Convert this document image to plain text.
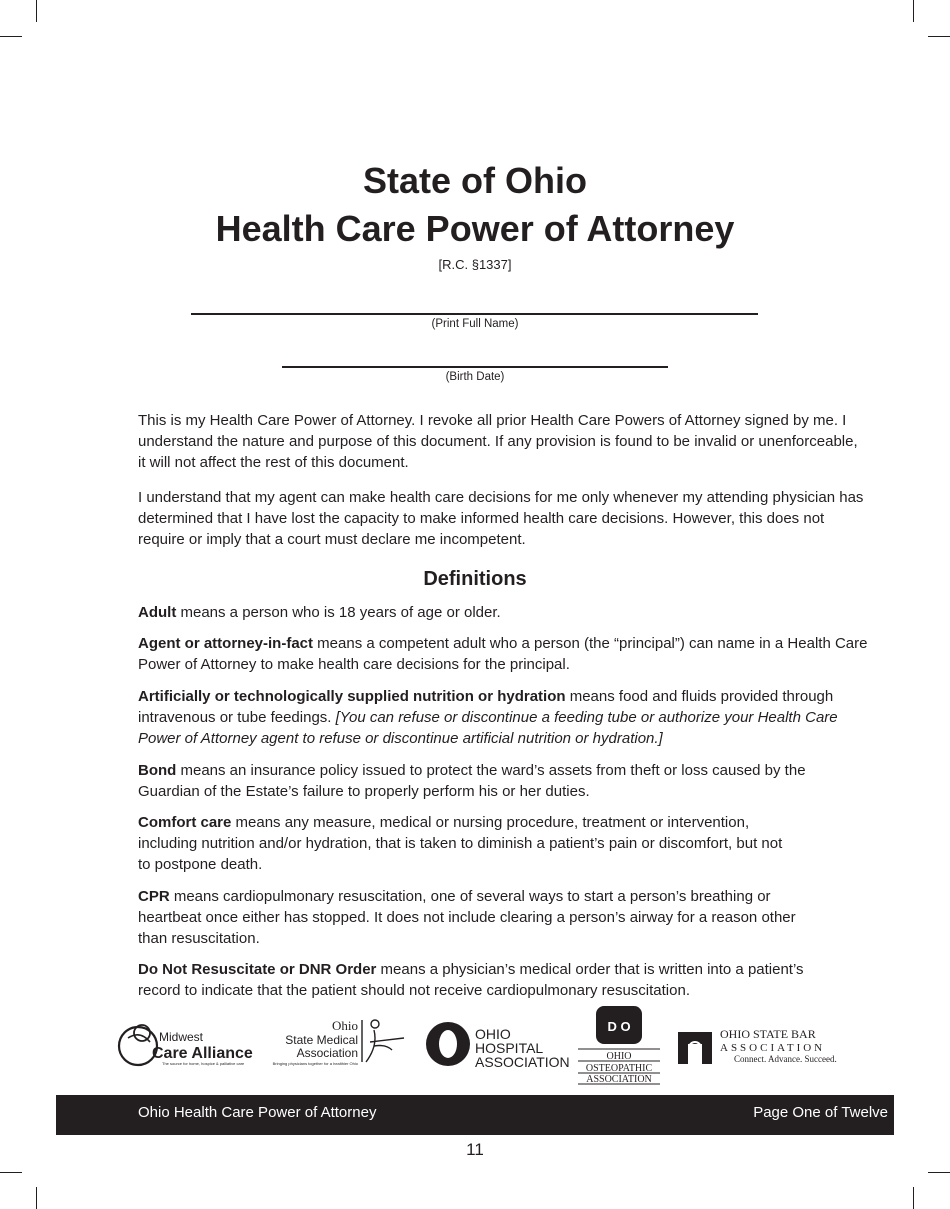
State of Ohio
Health Care Power of Attorney
[R.C. §1337]
(Print Full Name)
(Birth Date)

This is my Health Care Power of Attorney. I revoke all prior Health Care Powers of Attorney signed by me. I understand the nature and purpose of this document. If any provision is found to be invalid or unenforceable, it will not affect the rest of this document.

I understand that my agent can make health care decisions for me only whenever my attending physician has determined that I have lost the capacity to make informed health care decisions. However, this does not require or imply that a court must declare me incompetent.

Definitions

Adult means a person who is 18 years of age or older.

Agent or attorney-in-fact means a competent adult who a person (the “principal”) can name in a Health Care Power of Attorney to make health care decisions for the principal.

Artificially or technologically supplied nutrition or hydration means food and fluids provided through intravenous or tube feedings. [You can refuse or discontinue a feeding tube or authorize your Health Care Power of Attorney agent to refuse or discontinue artificial nutrition or hydration.]

Bond means an insurance policy issued to protect the ward’s assets from theft or loss caused by the Guardian of the Estate’s failure to properly perform his or her duties.

Comfort care means any measure, medical or nursing procedure, treatment or intervention, including nutrition and/or hydration, that is taken to diminish a patient’s pain or discomfort, but not to postpone death.

CPR means cardiopulmonary resuscitation, one of several ways to start a person’s breathing or heartbeat once either has stopped. It does not include clearing a person’s airway for a reason other than resuscitation.

Do Not Resuscitate or DNR Order means a physician’s medical order that is written into a patient’s record to indicate that the patient should not receive cardiopulmonary resuscitation.

Midwest
Care Alliance
The source for home, hospice & palliative care
Ohio
State Medical
Association
Bringing physicians together for a healthier Ohio
OHIO
HOSPITAL
ASSOCIATION
D O
OHIO
OSTEOPATHIC
ASSOCIATION
OHIO STATE BAR
ASSOCIATION
Connect. Advance. Succeed.
Ohio Health Care Power of Attorney	Page One of Twelve
11
